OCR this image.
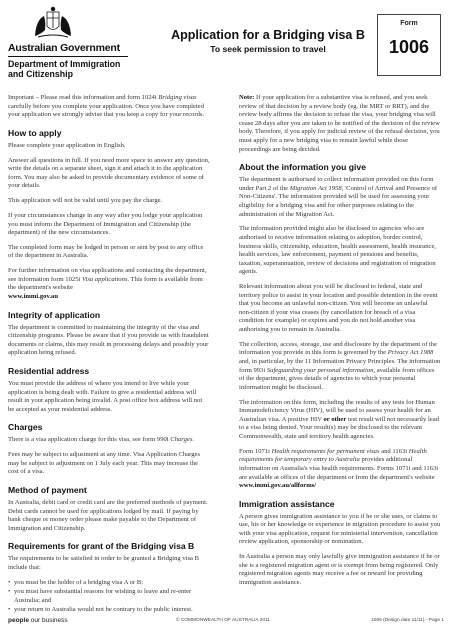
Australian Government
Department of Immigration
and Citizenship
Application for a Bridging visa B
To seek permission to travel
Form
1006

Important – Please read this information and form 1024i Bridging visas carefully before you complete your application. Once you have completed your application we strongly advise that you keep a copy for your records.

How to apply

Please complete your application in English.

Answer all questions in full. If you need more space to answer any question, write the details on a separate sheet, sign it and attach it to the application form. You may also be asked to provide documentary evidence of some of your details.

This application will not be valid until you pay the charge.

If your circumstances change in any way after you lodge your application you must inform the Department of Immigration and Citizenship (the department) of the new circumstances.

The completed form may be lodged in person or sent by post to any office of the department in Australia.

For further information on visa applications and contacting the department, see information form 1025i Visa applications. This form is available from the department's website
www.immi.gov.au

Integrity of application

The department is committed to maintaining the integrity of the visa and citizenship programs. Please be aware that if you provide us with fraudulent documents or claims, this may result in processing delays and possibly your application being refused.

Residential address

You must provide the address of where you intend to live while your application is being dealt with. Failure to give a residential address will result in your application being invalid. A post office box address will not be accepted as your residential address.

Charges

There is a visa application charge for this visa, see form 990i Charges.

Fees may be subject to adjustment at any time. Visa Application Charges may be subject to adjustment on 1 July each year. This may increase the cost of a visa.

Method of payment

In Australia, debit card or credit card are the preferred methods of payment. Debit cards cannot be used for applications lodged by mail. If paying by bank cheque or money order please make payable to the Department of Immigration and Citizenship.

Requirements for grant of the Bridging visa B

The requirements to be satisfied in order to be granted a Bridging visa B include that:

• you must be the holder of a bridging visa A or B;
• you must have substantial reasons for wishing to leave and re-enter Australia; and
• your return to Australia would not be contrary to the public interest.

Note: If your application for a substantive visa is refused, and you seek review of that decision by a review body (eg. the MRT or RRT), and the review body affirms the decision to refuse the visa, your bridging visa will cease 28 days after you are taken to be notified of the decision of the review body. Therefore, if you apply for judicial review of the refusal decision, you must apply for a new bridging visa to remain lawful while those proceedings are being decided.

About the information you give

The department is authorised to collect information provided on this form under Part 2 of the Migration Act 1958, 'Control of Arrival and Presence of Non-Citizens'. The information provided will be used for assessing your eligibility for a bridging visa and for other purposes relating to the administration of the Migration Act.

The information provided might also be disclosed to agencies who are authorised to receive information relating to adoption, border control, business skills, citizenship, education, health assessment, health insurance, health services, law enforcement, payment of pensions and benefits, taxation, superannuation, review of decisions and registration of migration agents.

Relevant information about you will be disclosed to federal, state and territory police to assist in your location and possible detention in the event that you become an unlawful non-citizen. You will become an unlawful non-citizen if your visa ceases (by cancellation for breach of a visa condition for example) or expires and you do not hold another visa authorising you to remain in Australia.

The collection, access, storage, use and disclosure by the department of the information you provide in this form is governed by the Privacy Act 1988 and, in particular, by the 11 Information Privacy Principles. The information form 993i Safeguarding your personal information, available from offices of the department, gives details of agencies to which your personal information might be disclosed.

The information on this form, including the results of any tests for Human Immunodeficiency Virus (HIV), will be used to assess your health for an Australian visa. A positive HIV or other test result will not necessarily lead to a visa being denied. Your result(s) may be disclosed to the relevant Commonwealth, state and territory health agencies.

Form 1071i Health requirements for permanent visas and 1163i Health requirements for temporary entry to Australia provides additional information on Australia's visa health requirements. Forms 1071i and 1163i are available at offices of the department or from the department's website www.immi.gov.au/allforms/

Immigration assistance

A person gives immigration assistance to you if he or she uses, or claims to use, his or her knowledge or experience in migration procedure to assist you with your visa application, request for ministerial intervention, cancellation review application, sponsorship or nomination.

In Australia a person may only lawfully give immigration assistance if he or she is a registered migration agent or is exempt from being registered. Only registered migration agents may receive a fee or reward for providing immigration assistance.

people our business	© COMMONWEALTH OF AUSTRALIA 2011	1006 (Design date 11/11) - Page 1
